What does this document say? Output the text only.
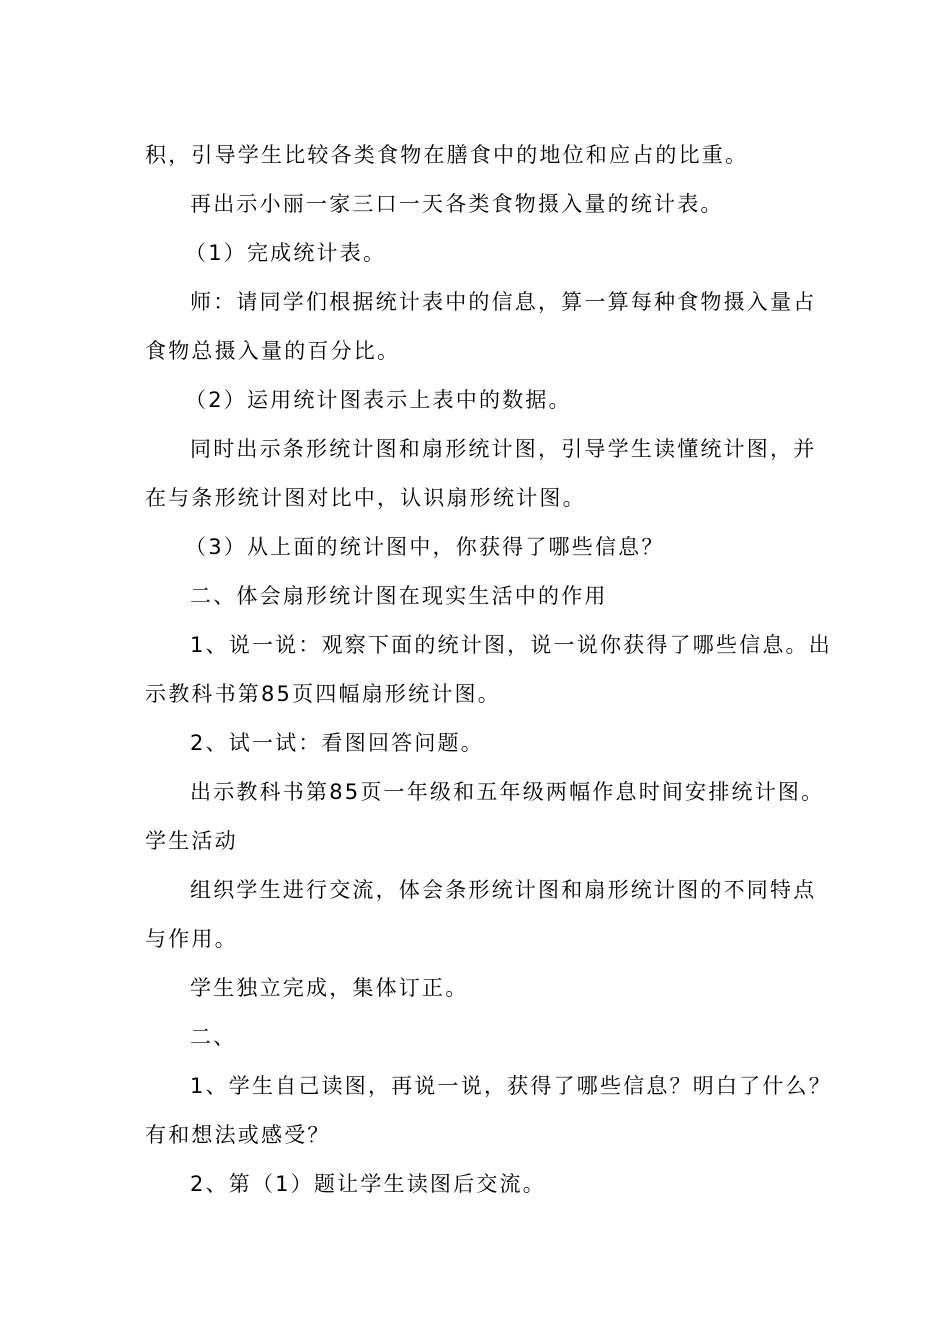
积，引导学生比较各类食物在膳食中的地位和应占的比重。
再出示小丽一家三口一天各类食物摄入量的统计表。
（1）完成统计表。
师：请同学们根据统计表中的信息，算一算每种食物摄入量占
食物总摄入量的百分比。
（2）运用统计图表示上表中的数据。
同时出示条形统计图和扇形统计图，引导学生读懂统计图，并
在与条形统计图对比中，认识扇形统计图。
（3）从上面的统计图中，你获得了哪些信息？
二、体会扇形统计图在现实生活中的作用
1、说一说：观察下面的统计图，说一说你获得了哪些信息。出
示教科书第85页四幅扇形统计图。
2、试一试：看图回答问题。
出示教科书第85页一年级和五年级两幅作息时间安排统计图。
学生活动
组织学生进行交流，体会条形统计图和扇形统计图的不同特点
与作用。
学生独立完成，集体订正。
二、
1、学生自己读图，再说一说，获得了哪些信息？明白了什么？
有和想法或感受？
2、第（1）题让学生读图后交流。
